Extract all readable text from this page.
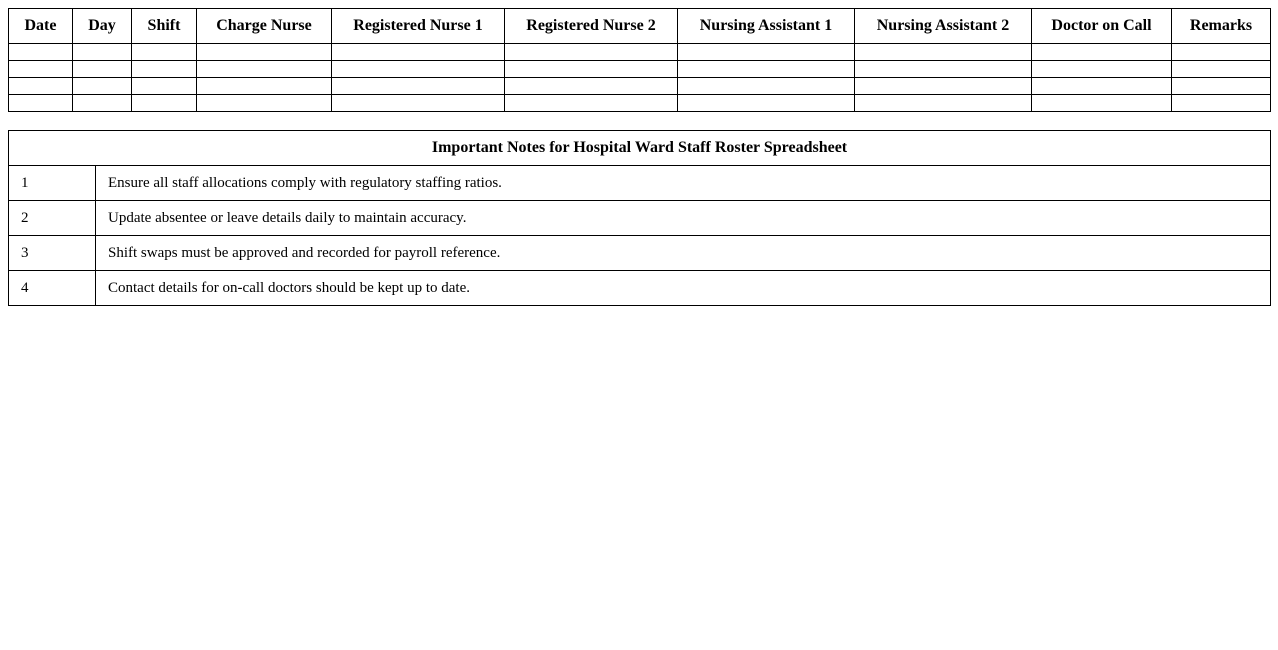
Date	Day	Shift	Charge Nurse	Registered Nurse 1	Registered Nurse 2	Nursing Assistant 1	Nursing Assistant 2	Doctor on Call	Remarks

Important Notes for Hospital Ward Staff Roster Spreadsheet	
1	Ensure all staff allocations comply with regulatory staffing ratios.
2	Update absentee or leave details daily to maintain accuracy.
3	Shift swaps must be approved and recorded for payroll reference.
4	Contact details for on-call doctors should be kept up to date.
